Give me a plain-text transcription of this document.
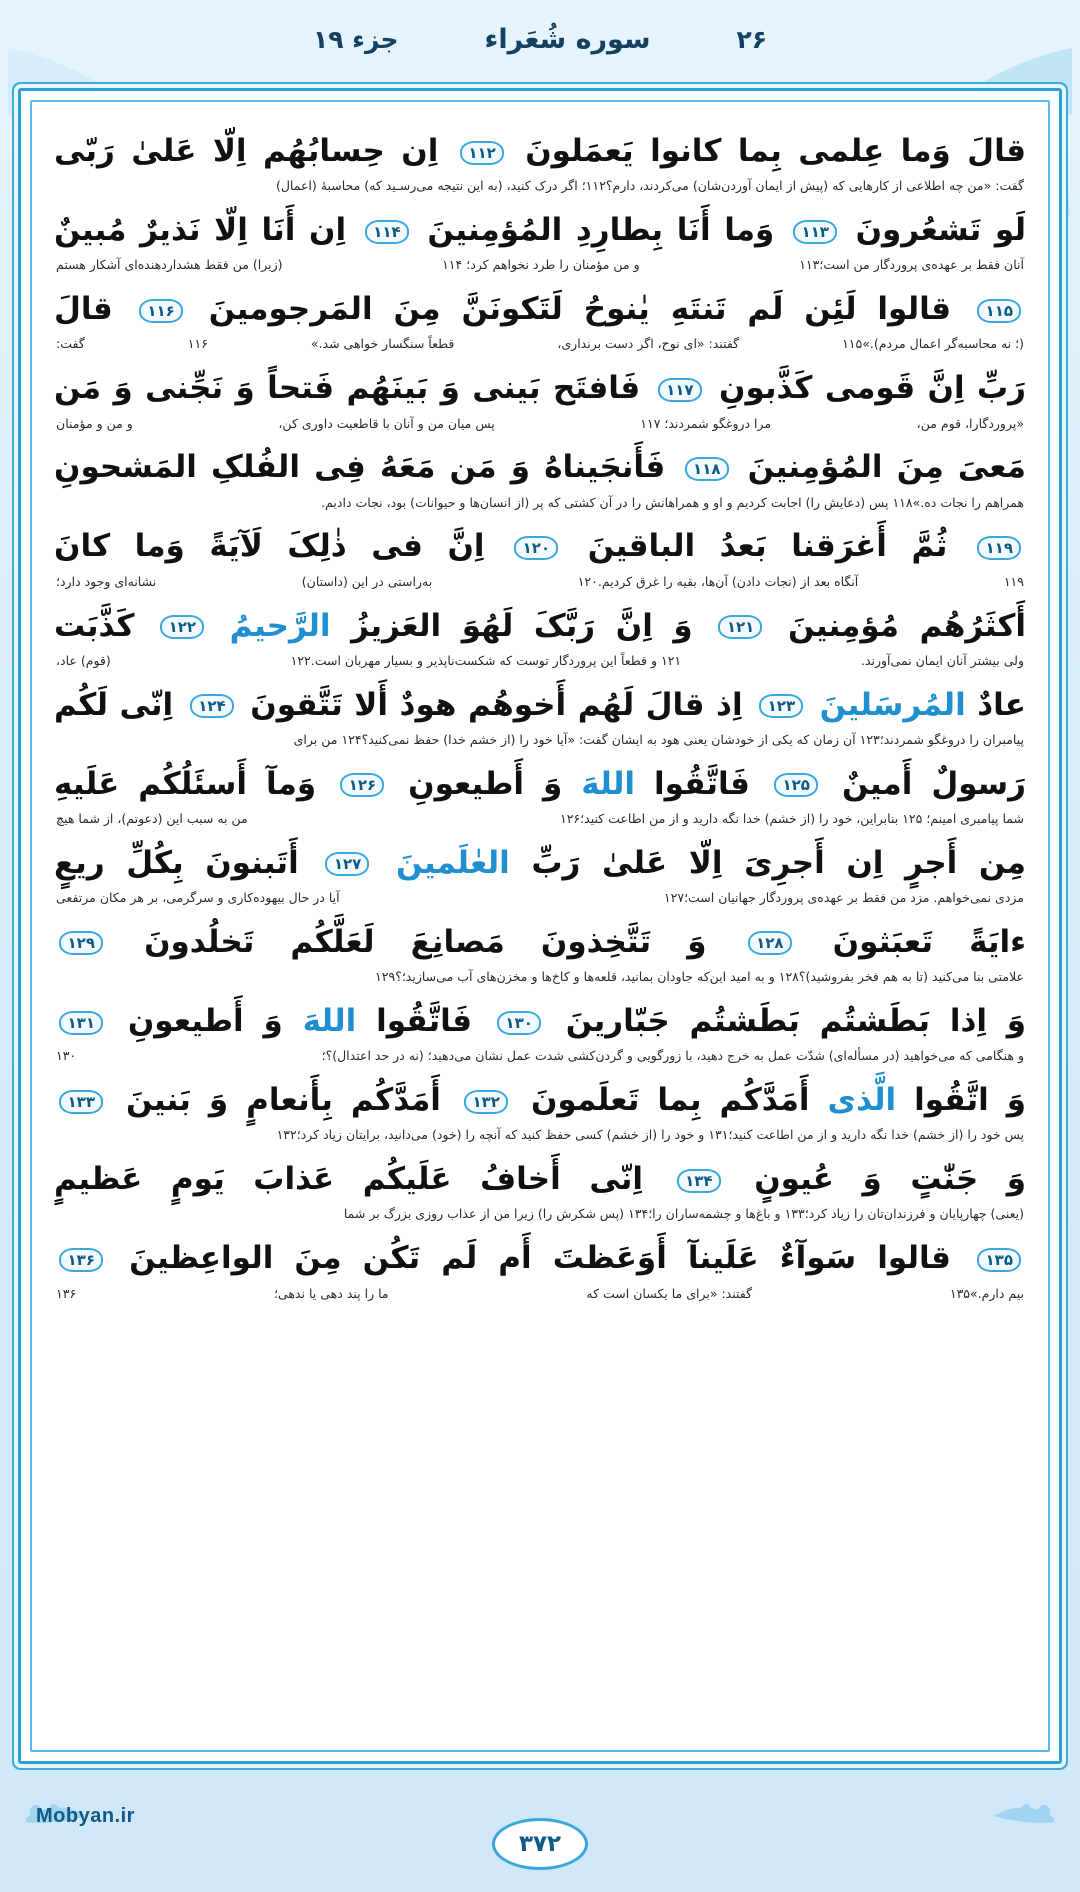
۲۶
سوره شُعَراء
جزء ۱۹
قالَ وَما عِلمی بِما کانوا یَعمَلونَ ۱۱۲ اِن حِسابُهُم اِلّا عَلیٰ رَبّی
گفت: «من چه اطلاعی از کارهایی که (پیش از ایمان آوردن‌شان) می‌کردند، دارم؟۱۱۲؛ اگر درک کنید، (به این نتیجه می‌رسـید که) محاسبهٔ (اعمال)
لَو تَشعُرونَ ۱۱۳ وَما أَنَا بِطارِدِ المُؤمِنینَ ۱۱۴ اِن أَنَا اِلّا نَذیرٌ مُبینٌ
آنان فقط بر عهده‌ی پروردگار من است؛۱۱۳
و من مؤمنان را طرد نخواهم کرد؛ ۱۱۴
(زیرا) من فقط هشداردهنده‌ای آشکار هستم
۱۱۵ قالوا لَئِن لَم تَنتَهِ یٰنوحُ لَتَکونَنَّ مِنَ المَرجومینَ ۱۱۶ قالَ
(؛ نه محاسبه‌گر اعمال مردم).»۱۱۵
گفتند: «ای نوح، اگر دست برنداری،
قطعاً سنگسار خواهی شد.»
۱۱۶
گفت:
رَبِّ اِنَّ قَومی کَذَّبونِ ۱۱۷ فَافتَح بَینی وَ بَینَهُم فَتحاً وَ نَجِّنی وَ مَن
«پروردگارا، قوم من،
مرا دروغگو شمردند؛ ۱۱۷
پس میان من و آنان با قاطعیت داوری کن،
و من و مؤمنان
مَعیَ مِنَ المُؤمِنینَ ۱۱۸ فَأَنجَیناهُ وَ مَن مَعَهُ فِی الفُلکِ المَشحونِ
همراهم را نجات ده.»۱۱۸ پس (دعایش را) اجابت کردیم و او و همراهانش را در آن کشتی که پر (از انسان‌ها و حیوانات) بود، نجات دادیم.
۱۱۹ ثُمَّ أَغرَقنا بَعدُ الباقینَ ۱۲۰ اِنَّ فی ذٰلِکَ لَآیَةً وَما کانَ
۱۱۹
آنگاه بعد از (نجات دادن) آن‌ها، بقیه را غرق کردیم.۱۲۰
به‌راستی در این (داستان)
نشانه‌ای وجود دارد؛
أَکثَرُهُم مُؤمِنینَ ۱۲۱ وَ اِنَّ رَبَّکَ لَهُوَ العَزیزُ الرَّحیمُ ۱۲۲ کَذَّبَت
ولی بیشتر آنان ایمان نمی‌آورند.
۱۲۱ و قطعاً این پروردگار توست که شکست‌ناپذیر و بسیار مهربان است.۱۲۲
(قوم) عاد،
عادٌ المُرسَلینَ ۱۲۳ اِذ قالَ لَهُم أَخوهُم هودٌ أَلا تَتَّقونَ ۱۲۴ اِنّی لَکُم
پیامبران را دروغگو شمردند؛۱۲۳ آن زمان که یکی از خودشان یعنی هود به ایشان گفت: «آیا خود را (از خشم خدا) حفظ نمی‌کنید؟۱۲۴ من برای
رَسولٌ أَمینٌ ۱۲۵ فَاتَّقُوا اللهَ وَ أَطیعونِ ۱۲۶ وَمآ أَسئَلُکُم عَلَیهِ
شما پیامبری امینم؛ ۱۲۵ بنابراین، خود را (از خشم) خدا نگه دارید و از من اطاعت کنید؛۱۲۶
من به سبب این (دعوتم)، از شما هیچ
مِن أَجرٍ اِن أَجرِیَ اِلّا عَلیٰ رَبِّ العٰلَمینَ ۱۲۷ أَتَبنونَ بِکُلِّ ریعٍ
مزدی نمی‌خواهم. مزد من فقط بر عهده‌ی پروردگار جهانیان است؛۱۲۷
آیا در حال بیهوده‌کاری و سرگرمی، بر هر مکان مرتفعی
ءایَةً تَعبَثونَ ۱۲۸ وَ تَتَّخِذونَ مَصانِعَ لَعَلَّکُم تَخلُدونَ ۱۲۹
علامتی بنا می‌کنید (تا به هم فخر بفروشید)؟۱۲۸ و به امید این‌که جاودان بمانید، قلعه‌ها و کاخ‌ها و مخزن‌های آب می‌سازید؛؟۱۲۹
وَ اِذا بَطَشتُم بَطَشتُم جَبّارینَ ۱۳۰ فَاتَّقُوا اللهَ وَ أَطیعونِ ۱۳۱
و هنگامی که می‌خواهید (در مسأله‌ای) شدّت عمل به خرج دهید، با زورگویی و گردن‌کشی شدت عمل نشان می‌دهید؛ (نه در حد اعتدال)؟؛
۱۳۰
وَ اتَّقُوا الَّذی أَمَدَّکُم بِما تَعلَمونَ ۱۳۲ أَمَدَّکُم بِأَنعامٍ وَ بَنینَ ۱۳۳
پس خود را (از خشم) خدا نگه دارید و از من اطاعت کنید؛۱۳۱ و خود را (از خشم) کسی حفظ کنید که آنچه را (خود) می‌دانید، برایتان زیاد کرد؛۱۳۲
وَ جَنّٰتٍ وَ عُیونٍ ۱۳۴ اِنّی أَخافُ عَلَیکُم عَذابَ یَومٍ عَظیمٍ
(یعنی) چهارپایان و فرزندان‌تان را زیاد کرد؛۱۳۳ و باغ‌ها و چشمه‌ساران را؛۱۳۴ (پس شکرش را) زیرا من از عذاب روزی بزرگ بر شما
۱۳۵ قالوا سَوآءٌ عَلَینآ أَوَعَظتَ أَم لَم تَکُن مِنَ الواعِظینَ ۱۳۶
بیم دارم.»۱۳۵
گفتند: «برای ما یکسان است که
ما را پند دهی یا ندهی؛
۱۳۶
Mobyan.ir
۳۷۲
